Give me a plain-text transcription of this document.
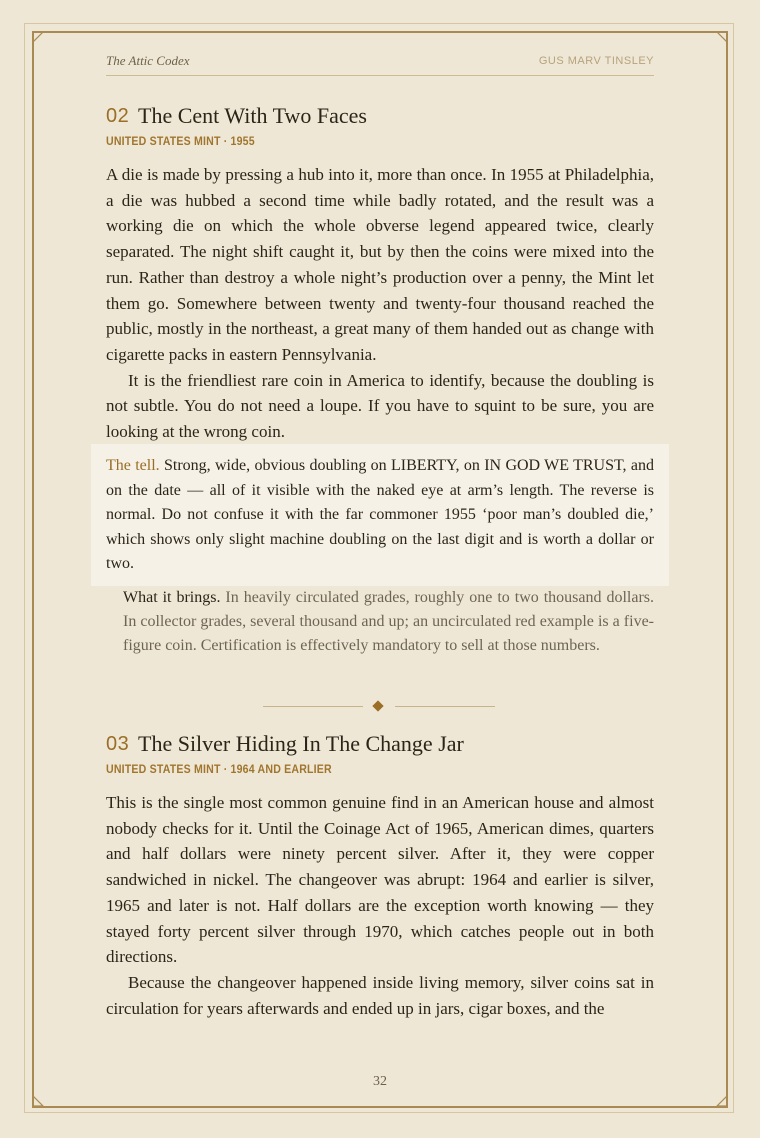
The Attic Codex	GUS MARV TINSLEY
02 The Cent With Two Faces
UNITED STATES MINT · 1955

A die is made by pressing a hub into it, more than once. In 1955 at Philadelphia, a die was hubbed a second time while badly rotated, and the result was a working die on which the whole obverse legend appeared twice, clearly separated. The night shift caught it, but by then the coins were mixed into the run. Rather than destroy a whole night’s production over a penny, the Mint let them go. Somewhere between twenty and twenty-four thousand reached the public, mostly in the northeast, a great many of them handed out as change with cigarette packs in eastern Pennsylvania.

It is the friendliest rare coin in America to identify, because the doubling is not subtle. You do not need a loupe. If you have to squint to be sure, you are looking at the wrong coin.

The tell. Strong, wide, obvious doubling on LIBERTY, on IN GOD WE TRUST, and on the date — all of it visible with the naked eye at arm’s length. The reverse is normal. Do not confuse it with the far commoner 1955 ‘poor man’s doubled die,’ which shows only slight machine doubling on the last digit and is worth a dollar or two.

What it brings. In heavily circulated grades, roughly one to two thousand dollars. In collector grades, several thousand and up; an uncirculated red example is a five-figure coin. Certification is effectively mandatory to sell at those numbers.

03 The Silver Hiding In The Change Jar
UNITED STATES MINT · 1964 AND EARLIER

This is the single most common genuine find in an American house and almost nobody checks for it. Until the Coinage Act of 1965, American dimes, quarters and half dollars were ninety percent silver. After it, they were copper sandwiched in nickel. The changeover was abrupt: 1964 and earlier is silver, 1965 and later is not. Half dollars are the exception worth knowing — they stayed forty percent silver through 1970, which catches people out in both directions.

Because the changeover happened inside living memory, silver coins sat in circulation for years afterwards and ended up in jars, cigar boxes, and the

32
